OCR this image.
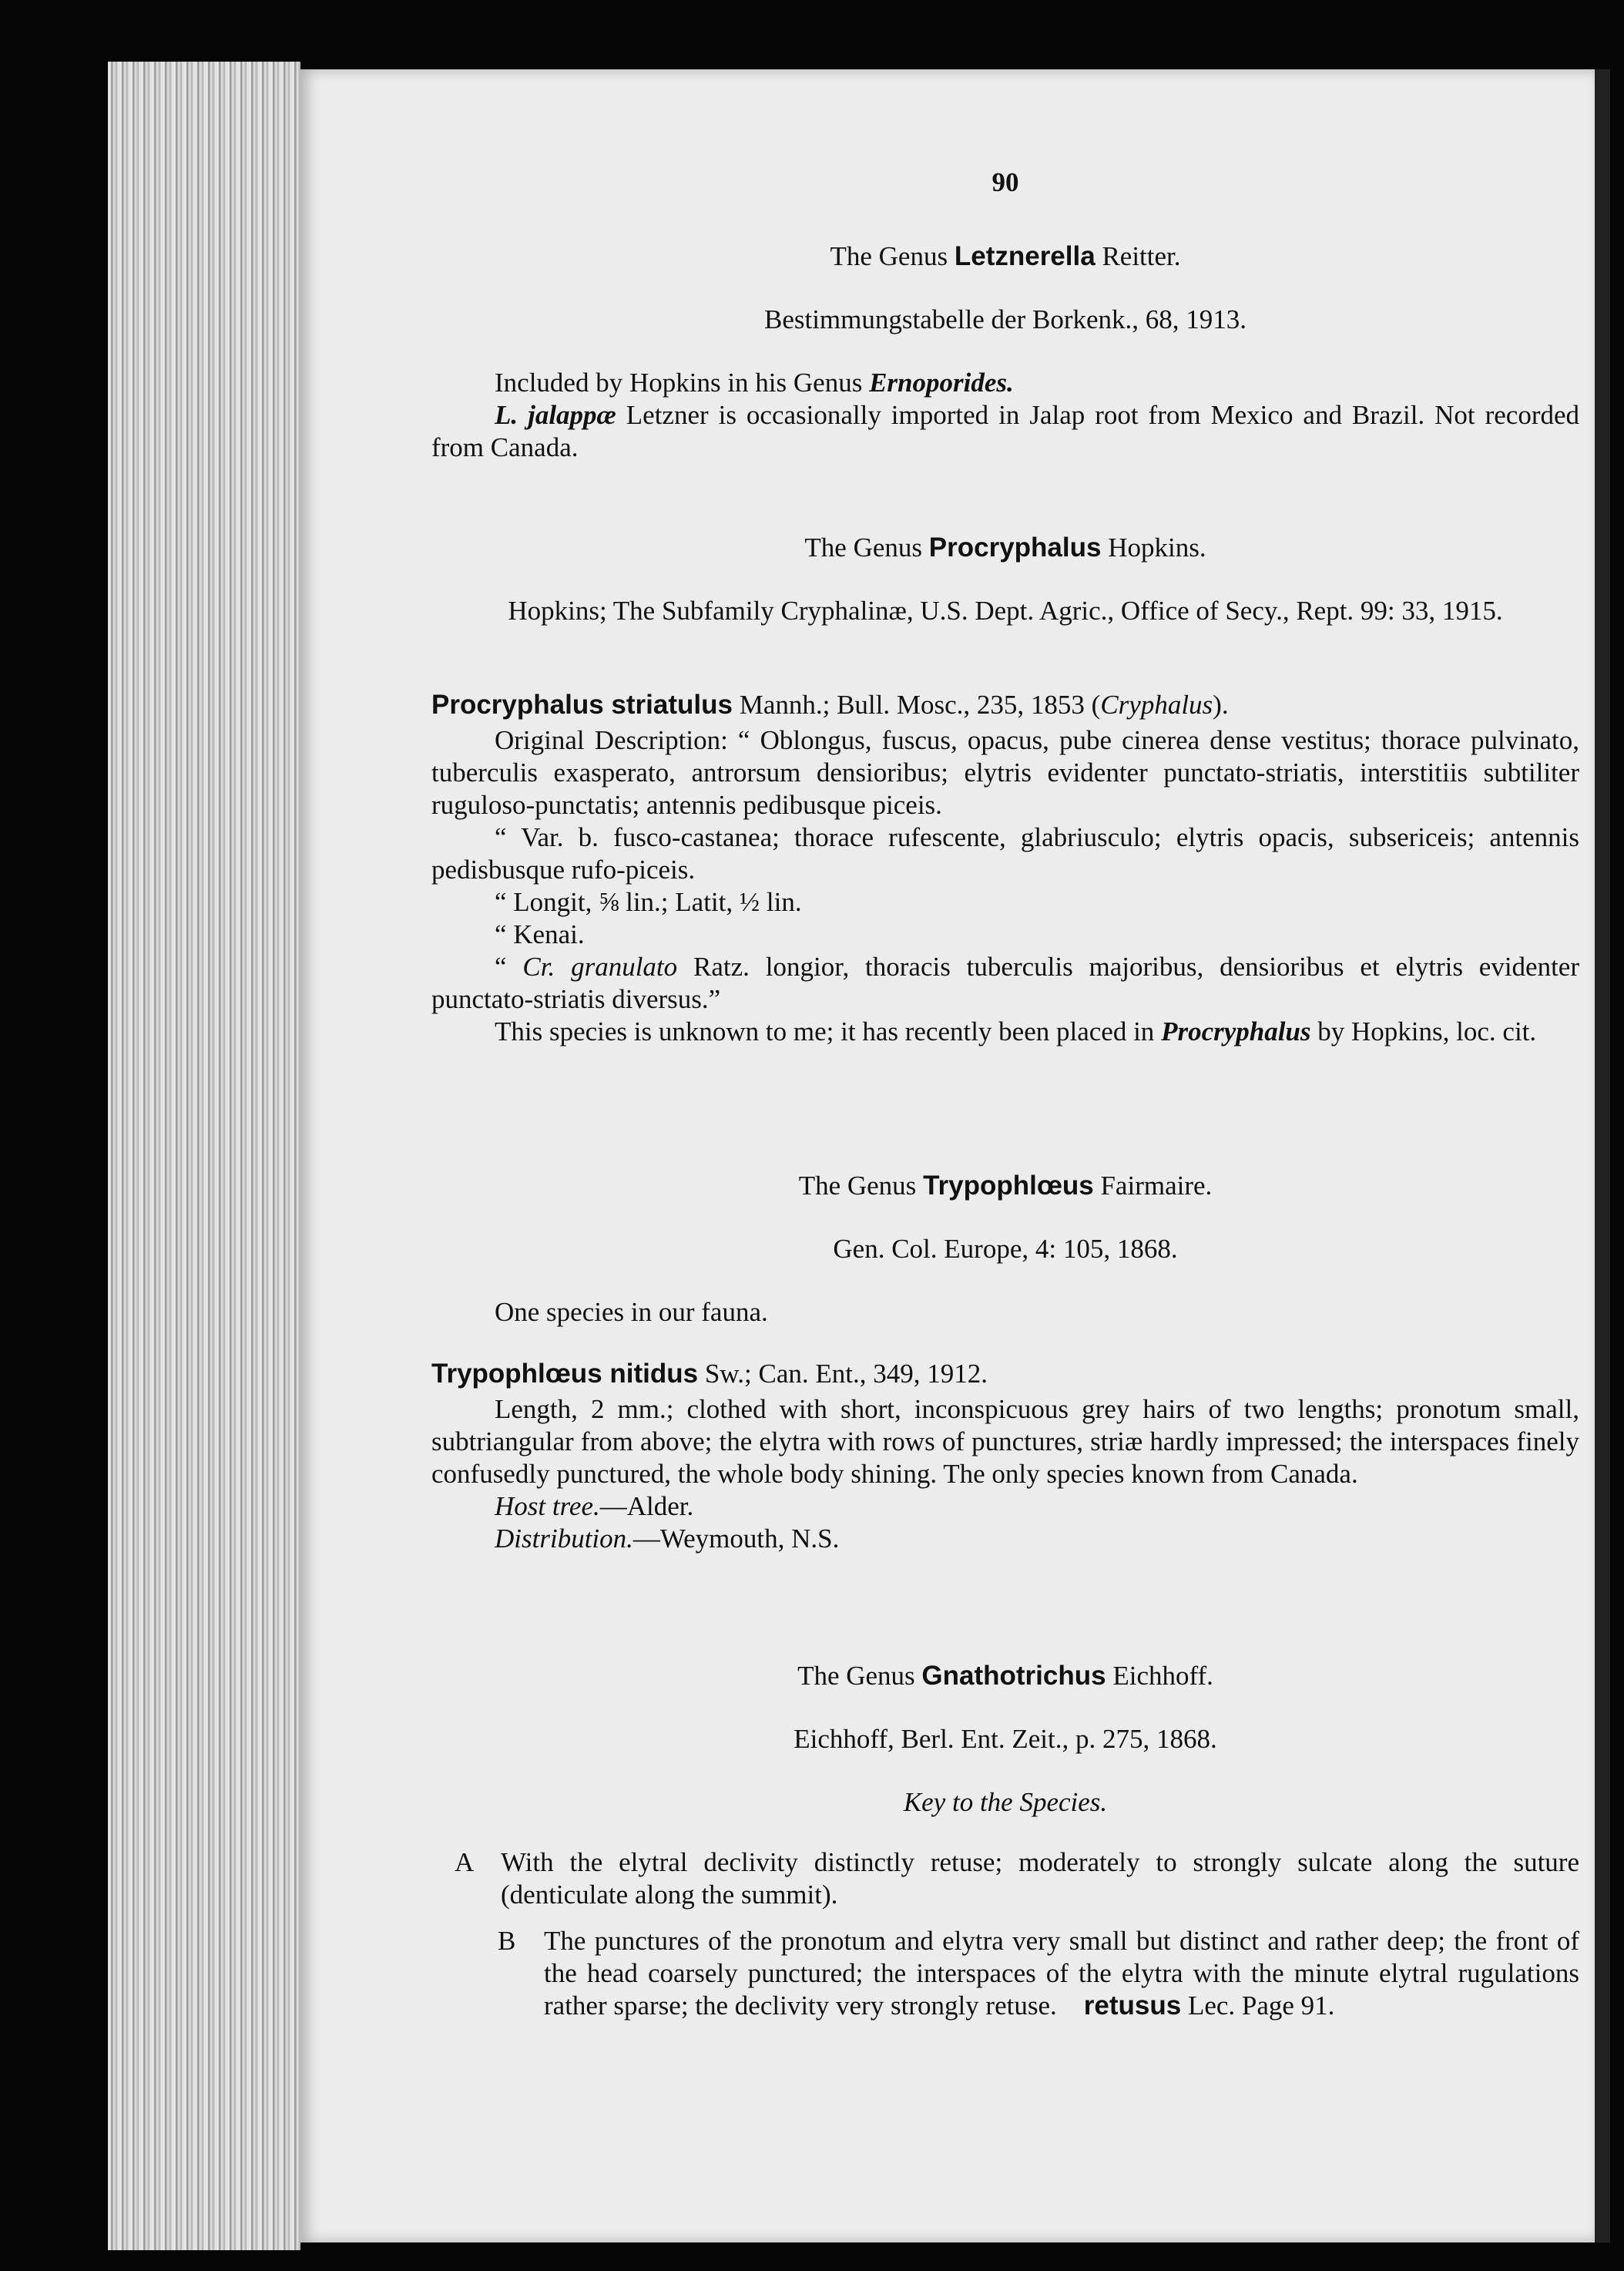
90

The Genus Letznerella Reitter.

Bestimmungstabelle der Borkenk., 68, 1913.

Included by Hopkins in his Genus Ernoporides.

L. jalappæ Letzner is occasionally imported in Jalap root from Mexico and Brazil. Not recorded from Canada.

The Genus Procryphalus Hopkins.

Hopkins; The Subfamily Cryphalinæ, U.S. Dept. Agric., Office of Secy., Rept. 99: 33, 1915.

Procryphalus striatulus Mannh.; Bull. Mosc., 235, 1853 (Cryphalus).

Original Description: “ Oblongus, fuscus, opacus, pube cinerea dense vestitus; thorace pulvinato, tuberculis exasperato, antrorsum densioribus; elytris evidenter punctato-striatis, interstitiis subtiliter ruguloso-punctatis; antennis pedibusque piceis.

“ Var. b. fusco-castanea; thorace rufescente, glabriusculo; elytris opacis, subsericeis; antennis pedisbusque rufo-piceis.

“ Longit, ⅝ lin.; Latit, ½ lin.

“ Kenai.

“ Cr. granulato Ratz. longior, thoracis tuberculis majoribus, densioribus et elytris evidenter punctato-striatis diversus.”

This species is unknown to me; it has recently been placed in Procryphalus by Hopkins, loc. cit.

The Genus Trypophlœus Fairmaire.

Gen. Col. Europe, 4: 105, 1868.

One species in our fauna.

Trypophlœus nitidus Sw.; Can. Ent., 349, 1912.

Length, 2 mm.; clothed with short, inconspicuous grey hairs of two lengths; pronotum small, subtriangular from above; the elytra with rows of punctures, striæ hardly impressed; the interspaces finely confusedly punctured, the whole body shining. The only species known from Canada.

Host tree.—Alder.

Distribution.—Weymouth, N.S.

The Genus Gnathotrichus Eichhoff.

Eichhoff, Berl. Ent. Zeit., p. 275, 1868.

Key to the Species.

A With the elytral declivity distinctly retuse; moderately to strongly sulcate along the suture (denticulate along the summit).
B	The punctures of the pronotum and elytra very small but distinct and rather deep; the front of the head coarsely punctured; the interspaces of the elytra with the minute elytral rugulations rather sparse; the declivity very strongly retuse. retusus Lec. Page 91.
